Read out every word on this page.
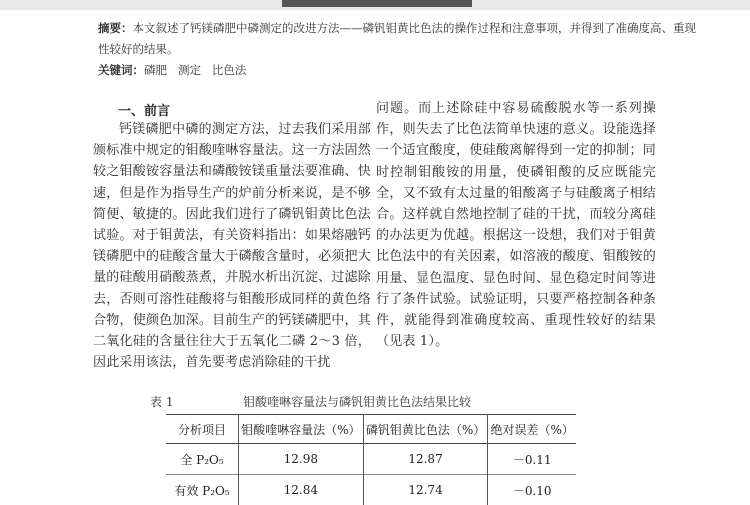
摘要：本文叙述了钙镁磷肥中磷测定的改进方法——磷钒钼黄比色法的操作过程和注意事项，并得到了准确度高、重现性较好的结果。
关键词：磷肥   测定   比色法
一、前言

钙镁磷肥中磷的测定方法，过去我们采用部颁标准中规定的钼酸喹啉容量法。这一方法固然较之钼酸铵容量法和磷酸铵镁重量法要准确、快速，但是作为指导生产的炉前分析来说，是不够简便、敏捷的。因此我们进行了磷钒钼黄比色法试验。对于钼黄法，有关资料指出：如果熔融钙镁磷肥中的硅酸含量大于磷酸含量时，必须把大量的硅酸用硝酸蒸煮，并脱水析出沉淀、过滤除去，否则可溶性硅酸将与钼酸形成同样的黄色络合物，使颜色加深。目前生产的钙镁磷肥中，其二氧化硅的含量往往大于五氧化二磷 2～3 倍，因此采用该法，首先要考虑消除硅的干扰

问题。而上述除硅中容易硫酸脱水等一系列操作，则失去了比色法简单快速的意义。设能选择一个适宜酸度，使硅酸离解得到一定的抑制；同时控制钼酸铵的用量，使磷钼酸的反应既能完全，又不致有太过量的钼酸离子与硅酸离子相结合。这样就自然地控制了硅的干扰，而较分离硅的办法更为优越。根据这一设想，我们对于钼黄比色法中的有关因素，如溶液的酸度、钼酸铵的用量、显色温度、显色时间、显色稳定时间等进行了条件试验。试验证明，只要严格控制各种条件，就能得到准确度较高、重现性较好的结果（见表 1）。

表 1	钼酸喹啉容量法与磷钒钼黄比色法结果比较
分析项目	钼酸喹啉容量法（%）	磷钒钼黄比色法（%）	绝对误差（%）
全 P₂O₅	12.98	12.87	－0.11
有效 P₂O₅	12.84	12.74	－0.10
